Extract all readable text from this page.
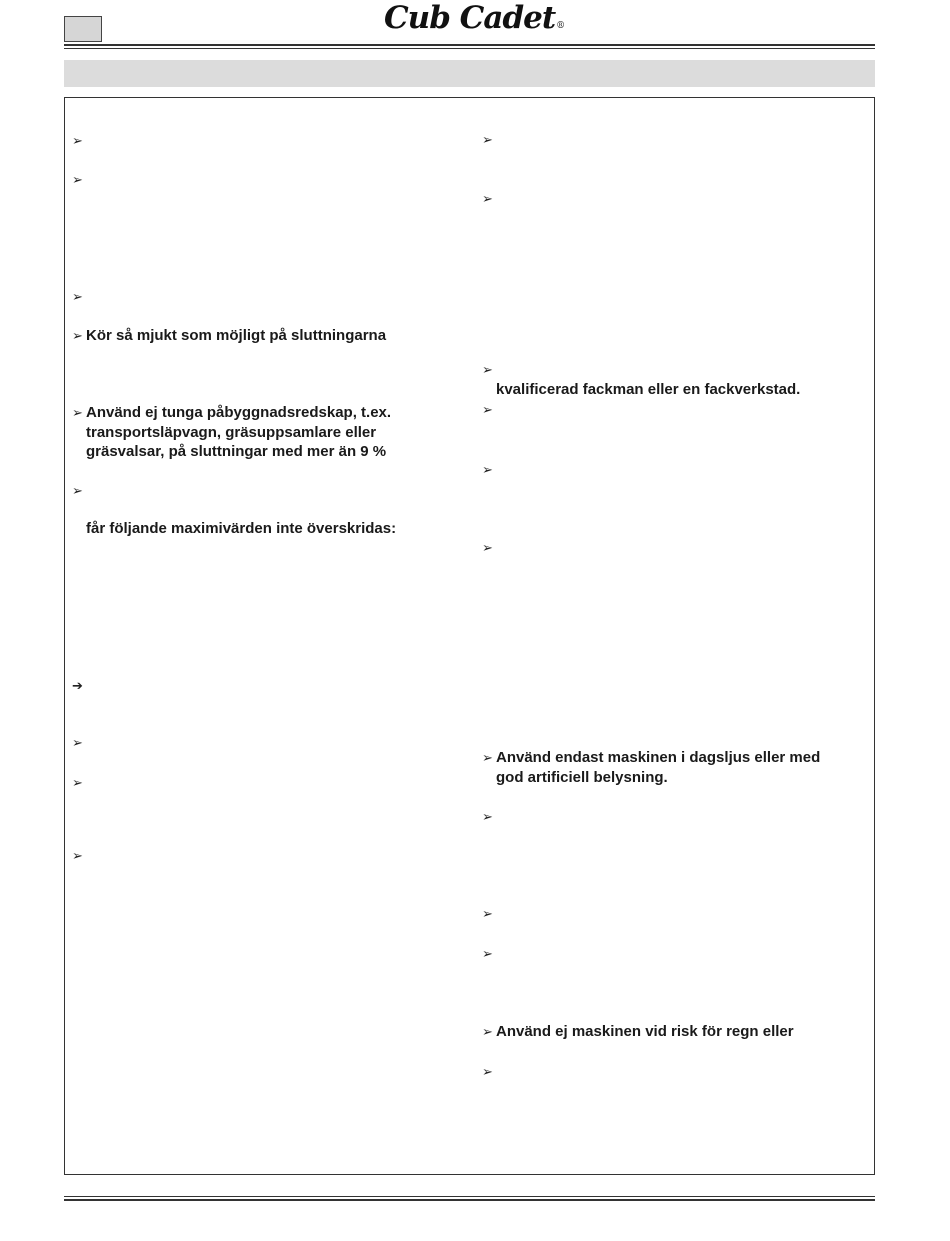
Cub Cadet®
➢
➢
➢
➢ Kör så mjukt som möjligt på sluttningarna
➢ Använd ej tunga påbyggnadsredskap, t.ex.
transportsläpvagn, gräsuppsamlare eller
gräsvalsar, på sluttningar med mer än 9 %
➢
får följande maximivärden inte överskridas:
➔
➢
➢
➢
➢
➢
➢
kvalificerad fackman eller en fackverkstad.
➢
➢
➢
➢ Använd endast maskinen i dagsljus eller med
god artificiell belysning.
➢
➢
➢
➢ Använd ej maskinen vid risk för regn eller
➢
